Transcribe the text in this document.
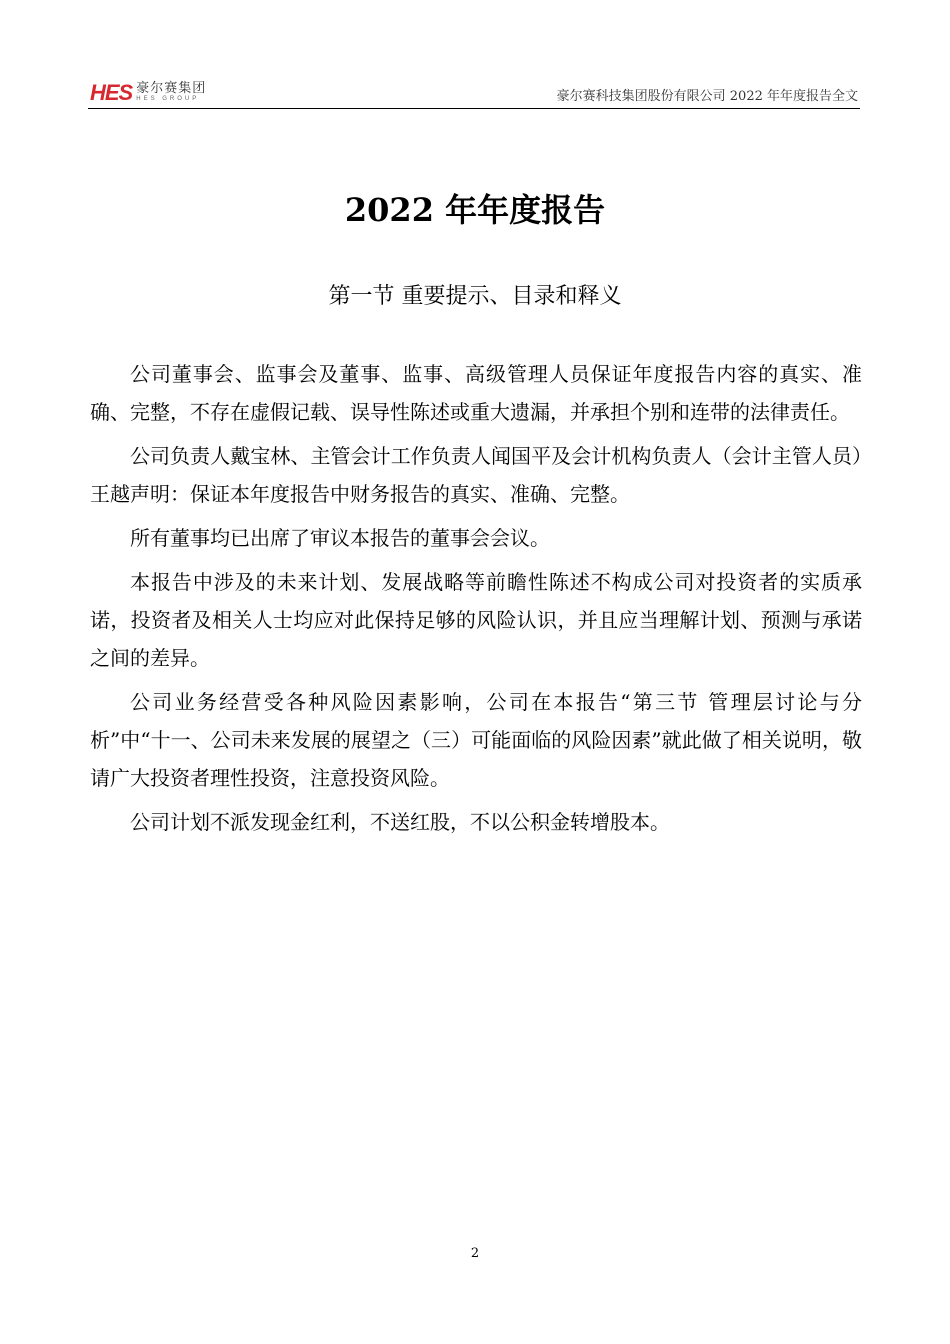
HES 豪尔赛集团
HES GROUP	豪尔赛科技集团股份有限公司 2022 年年度报告全文
2022 年年度报告
第一节 重要提示、目录和释义

公司董事会、监事会及董事、监事、高级管理人员保证年度报告内容的真实、准确、完整，不存在虚假记载、误导性陈述或重大遗漏，并承担个别和连带的法律责任。

公司负责人戴宝林、主管会计工作负责人闻国平及会计机构负责人（会计主管人员）王越声明：保证本年度报告中财务报告的真实、准确、完整。

所有董事均已出席了审议本报告的董事会会议。

本报告中涉及的未来计划、发展战略等前瞻性陈述不构成公司对投资者的实质承诺，投资者及相关人士均应对此保持足够的风险认识，并且应当理解计划、预测与承诺之间的差异。

公司业务经营受各种风险因素影响，公司在本报告“第三节 管理层讨论与分析”中“十一、公司未来发展的展望之（三）可能面临的风险因素”就此做了相关说明，敬请广大投资者理性投资，注意投资风险。

公司计划不派发现金红利，不送红股，不以公积金转增股本。

2
